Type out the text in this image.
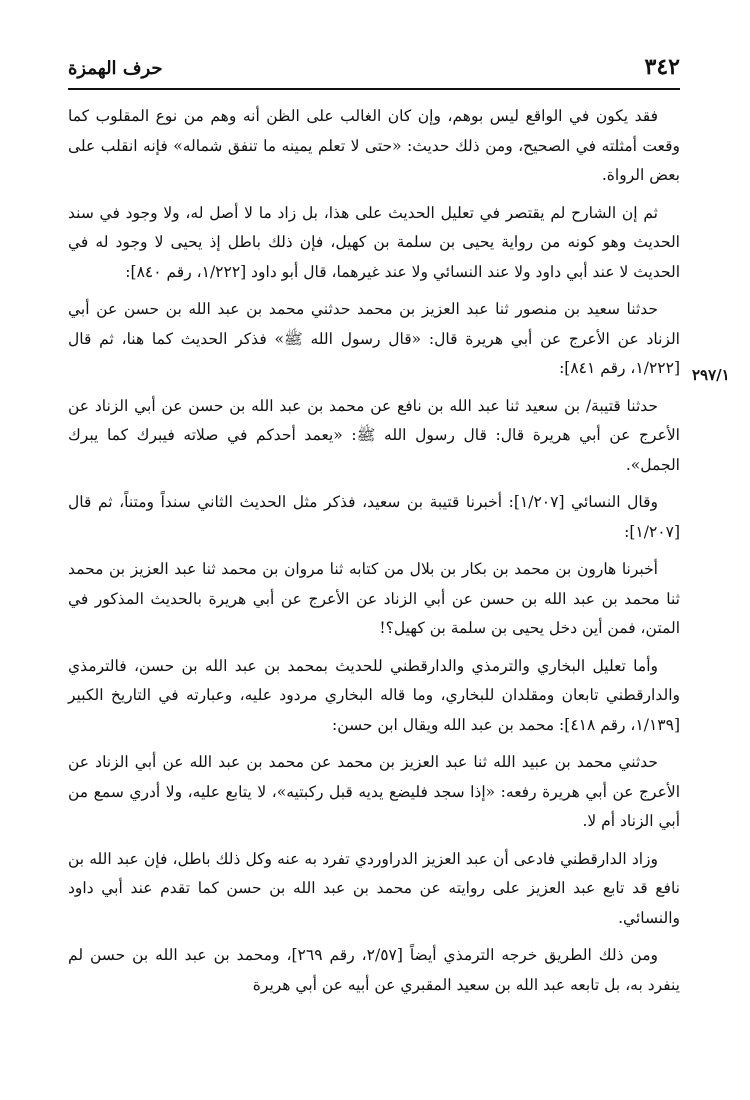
٣٤٢
حرف الهمزة
٢٩٧/١

فقد يكون في الواقع ليس بوهم، وإن كان الغالب على الظن أنه وهم من نوع المقلوب كما وقعت أمثلته في الصحيح، ومن ذلك حديث: «حتى لا تعلم يمينه ما تنفق شماله» فإنه انقلب على بعض الرواة.

ثم إن الشارح لم يقتصر في تعليل الحديث على هذا، بل زاد ما لا أصل له، ولا وجود في سند الحديث وهو كونه من رواية يحيى بن سلمة بن كهيل، فإن ذلك باطل إذ يحيى لا وجود له في الحديث لا عند أبي داود ولا عند النسائي ولا عند غيرهما، قال أبو داود [١/٢٢٢، رقم ٨٤٠]:

حدثنا سعيد بن منصور ثنا عبد العزيز بن محمد حدثني محمد بن عبد الله بن حسن عن أبي الزناد عن الأعرج عن أبي هريرة قال: «قال رسول الله ﷺ» فذكر الحديث كما هنا، ثم قال [١/٢٢٢، رقم ٨٤١]:

حدثنا قتيبة/ بن سعيد ثنا عبد الله بن نافع عن محمد بن عبد الله بن حسن عن أبي الزناد عن الأعرج عن أبي هريرة قال: قال رسول الله ﷺ: «يعمد أحدكم في صلاته فيبرك كما يبرك الجمل».

وقال النسائي [١/٢٠٧]: أخبرنا قتيبة بن سعيد، فذكر مثل الحديث الثاني سنداً ومتناً، ثم قال [١/٢٠٧]:

أخبرنا هارون بن محمد بن بكار بن بلال من كتابه ثنا مروان بن محمد ثنا عبد العزيز بن محمد ثنا محمد بن عبد الله بن حسن عن أبي الزناد عن الأعرج عن أبي هريرة بالحديث المذكور في المتن، فمن أين دخل يحيى بن سلمة بن كهيل؟!

وأما تعليل البخاري والترمذي والدارقطني للحديث بمحمد بن عبد الله بن حسن، فالترمذي والدارقطني تابعان ومقلدان للبخاري، وما قاله البخاري مردود عليه، وعبارته في التاريخ الكبير [١/١٣٩، رقم ٤١٨]: محمد بن عبد الله ويقال ابن حسن:

حدثني محمد بن عبيد الله ثنا عبد العزيز بن محمد عن محمد بن عبد الله عن أبي الزناد عن الأعرج عن أبي هريرة رفعه: «إذا سجد فليضع يديه قبل ركبتيه»، لا يتابع عليه، ولا أدري سمع من أبي الزناد أم لا.

وزاد الدارقطني فادعى أن عبد العزيز الدراوردي تفرد به عنه وكل ذلك باطل، فإن عبد الله بن نافع قد تابع عبد العزيز على روايته عن محمد بن عبد الله بن حسن كما تقدم عند أبي داود والنسائي.

ومن ذلك الطريق خرجه الترمذي أيضاً [٢/٥٧، رقم ٢٦٩]، ومحمد بن عبد الله بن حسن لم ينفرد به، بل تابعه عبد الله بن سعيد المقبري عن أبيه عن أبي هريرة
